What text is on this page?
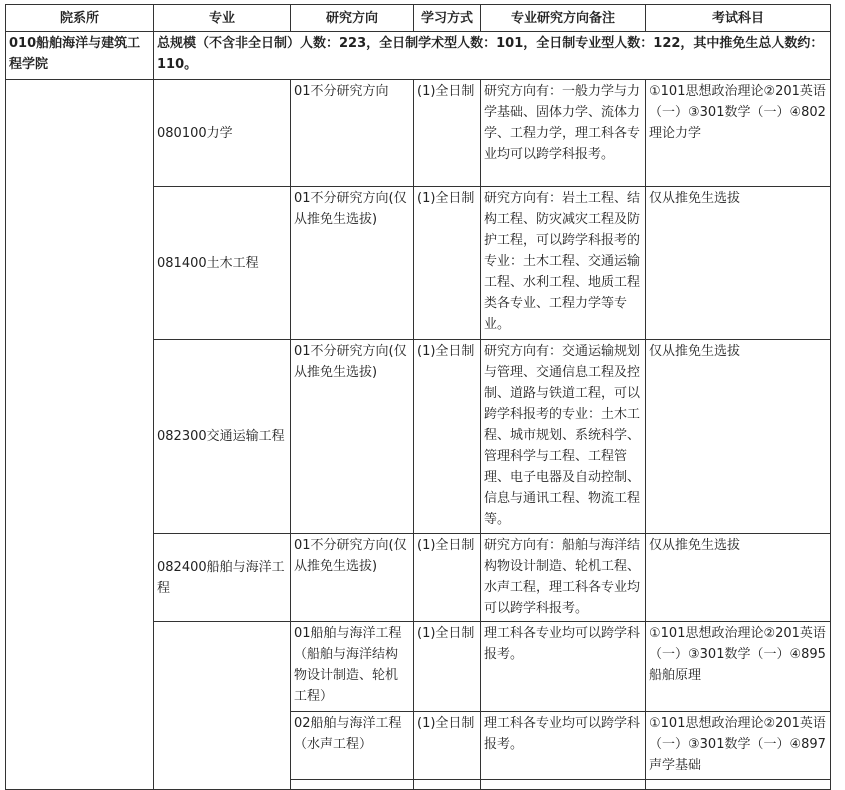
院系所	专业	研究方向	学习方式	专业研究方向备注	考试科目
010船舶海洋与建筑工程学院	总规模（不含非全日制）人数：223，全日制学术型人数：101，全日制专业型人数：122，其中推免生总人数约：110。				
	080100力学	01不分研究方向	(1)全日制	研究方向有：一般力学与力学基础、固体力学、流体力学、工程力学，理工科各专业均可以跨学科报考。	①101思想政治理论②201英语（一）③301数学（一）④802理论力学
	081400土木工程	01不分研究方向(仅从推免生选拔)	(1)全日制	研究方向有：岩土工程、结构工程、防灾减灾工程及防护工程，可以跨学科报考的专业：土木工程、交通运输工程、水利工程、地质工程类各专业、工程力学等专业。	仅从推免生选拔
	082300交通运输工程	01不分研究方向(仅从推免生选拔)	(1)全日制	研究方向有：交通运输规划与管理、交通信息工程及控制、道路与铁道工程，可以跨学科报考的专业：土木工程、城市规划、系统科学、管理科学与工程、工程管理、电子电器及自动控制、信息与通讯工程、物流工程等。	仅从推免生选拔
	082400船舶与海洋工程	01不分研究方向(仅从推免生选拔)	(1)全日制	研究方向有：船舶与海洋结构物设计制造、轮机工程、水声工程，理工科各专业均可以跨学科报考。	仅从推免生选拔
		01船舶与海洋工程（船舶与海洋结构物设计制造、轮机工程）	(1)全日制	理工科各专业均可以跨学科报考。	①101思想政治理论②201英语（一）③301数学（一）④895船舶原理
		02船舶与海洋工程（水声工程）	(1)全日制	理工科各专业均可以跨学科报考。	①101思想政治理论②201英语（一）③301数学（一）④897声学基础
